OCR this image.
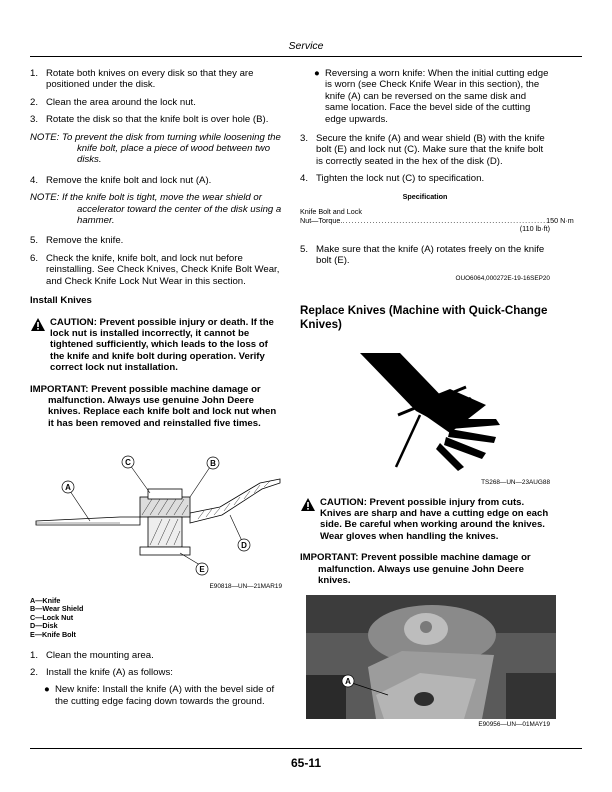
Service
1. Rotate both knives on every disk so that they are positioned under the disk.
2. Clean the area around the lock nut.
3. Rotate the disk so that the knife bolt is over hole (B).
NOTE: To prevent the disk from turning while loosening the knife bolt, place a piece of wood between two disks.
4. Remove the knife bolt and lock nut (A).
NOTE: If the knife bolt is tight, move the wear shield or accelerator toward the center of the disk using a hammer.
5. Remove the knife.
6. Check the knife, knife bolt, and lock nut before reinstalling. See Check Knives, Check Knife Bolt Wear, and Check Knife Lock Nut Wear in this section.
Install Knives
CAUTION: Prevent possible injury or death. If the lock nut is installed incorrectly, it cannot be tightened sufficiently, which leads to the loss of the knife and knife bolt during operation. Verify correct lock nut installation.
IMPORTANT: Prevent possible machine damage or malfunction. Always use genuine John Deere knives. Replace each knife bolt and lock nut when it has been removed and reinstalled five times.
A
C	B
D
E
E90818—UN—21MAR19
A—Knife
B—Wear Shield
C—Lock Nut
D—Disk
E—Knife Bolt
1. Clean the mounting area.
2. Install the knife (A) as follows:
● New knife: Install the knife (A) with the bevel side of the cutting edge facing down towards the ground.
● Reversing a worn knife: When the initial cutting edge is worn (see Check Knife Wear in this section), the knife (A) can be reversed on the same disk and same location. Face the bevel side of the cutting edge upwards.
3. Secure the knife (A) and wear shield (B) with the knife bolt (E) and lock nut (C). Make sure that the knife bolt is correctly seated in the hex of the disk (D).
4. Tighten the lock nut (C) to specification.
Specification
Knife Bolt and Lock
Nut—Torque. .................................................................... 150 N·m
(110 lb·ft)
5. Make sure that the knife (A) rotates freely on the knife bolt (E).
OUO6064,000272E-19-16SEP20
Replace Knives (Machine with Quick-Change Knives)
TS268—UN—23AUG88
CAUTION: Prevent possible injury from cuts. Knives are sharp and have a cutting edge on each side. Be careful when working around the knives. Wear gloves when handling the knives.
IMPORTANT: Prevent possible machine damage or malfunction. Always use genuine John Deere knives.
A
E90956—UN—01MAY19
65-11
